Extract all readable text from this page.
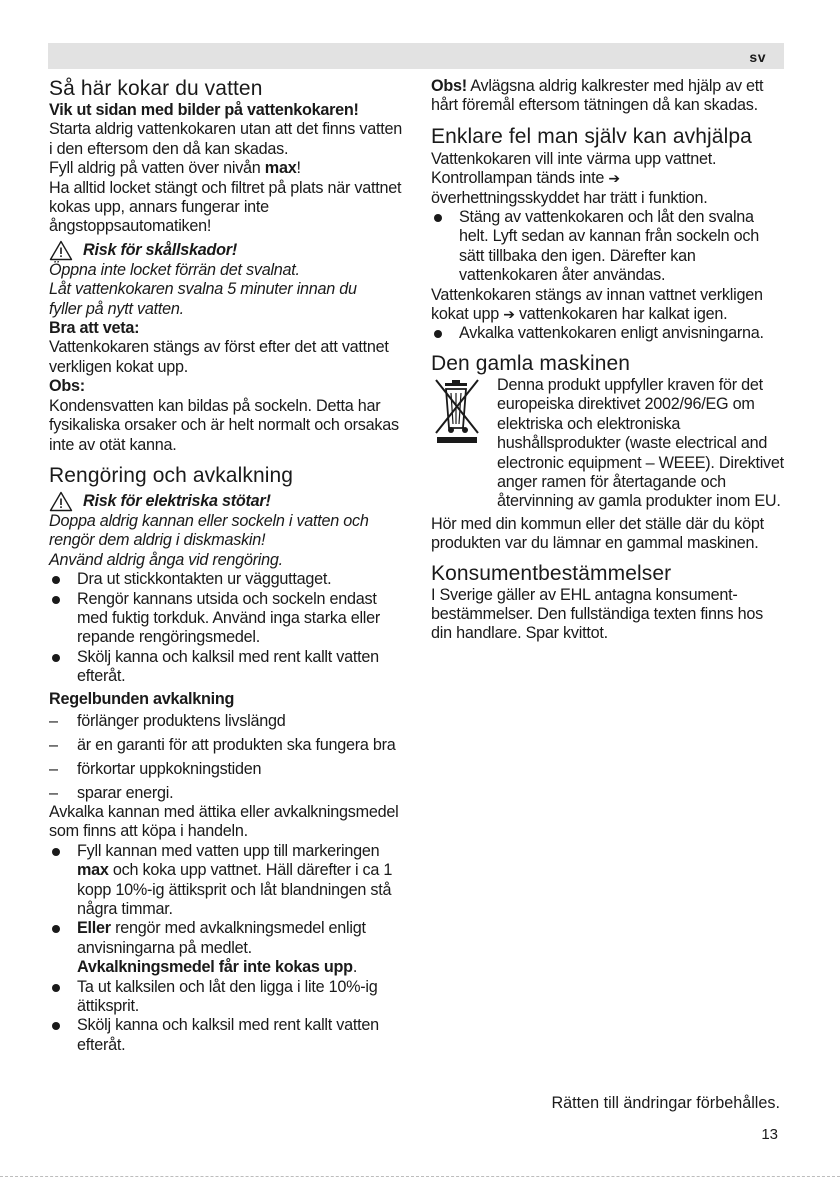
sv
Så här kokar du vatten

Vik ut sidan med bilder på vattenkokaren!

Starta aldrig vattenkokaren utan att det finns vatten i den eftersom den då kan skadas.

Fyll aldrig på vatten över nivån max!

Ha alltid locket stängt och filtret på plats när vattnet kokas upp, annars fungerar inte ångstoppsautomatiken!

Risk för skållskador!

Öppna inte locket förrän det svalnat.

Låt vattenkokaren svalna 5 minuter innan du fyller på nytt vatten.

Bra att veta:

Vattenkokaren stängs av först efter det att vattnet verkligen kokat upp.

Obs:

Kondensvatten kan bildas på sockeln. Detta har fysikaliska orsaker och är helt normalt och orsakas inte av otät kanna.

Rengöring och avkalkning
Risk för elektriska stötar!

Doppa aldrig kannan eller sockeln i vatten och rengör dem aldrig i diskmaskin!

Använd aldrig ånga vid rengöring.

Dra ut stickkontakten ur vägguttaget.
Rengör kannans utsida och sockeln endast med fuktig torkduk. Använd inga starka eller repande rengöringsmedel.
Skölj kanna och kalksil med rent kallt vatten efteråt.

Regelbunden avkalkning

– förlänger produktens livslängd
– är en garanti för att produkten ska fungera bra
– förkortar uppkokningstiden
– sparar energi.

Avkalka kannan med ättika eller avkalkningsmedel som finns att köpa i handeln.

Fyll kannan med vatten upp till markeringen max och koka upp vattnet. Häll därefter i ca 1 kopp 10%-ig ättiksprit och låt blandningen stå några timmar.
Eller rengör med avkalkningsmedel enligt anvisningarna på medlet.
Avkalkningsmedel får inte kokas upp.
Ta ut kalksilen och låt den ligga i lite 10%-ig ättiksprit.
Skölj kanna och kalksil med rent kallt vatten efteråt.

Obs! Avlägsna aldrig kalkrester med hjälp av ett hårt föremål eftersom tätningen då kan skadas.

Enklare fel man själv kan avhjälpa

Vattenkokaren vill inte värma upp vattnet.

Kontrollampan tänds inte ➔
överhettningsskyddet har trätt i funktion.

Stäng av vattenkokaren och låt den svalna helt. Lyft sedan av kannan från sockeln och sätt tillbaka den igen. Därefter kan vattenkokaren åter användas.

Vattenkokaren stängs av innan vattnet verkligen kokat upp ➔ vattenkokaren har kalkat igen.

Avkalka vattenkokaren enligt anvisningarna.
Den gamla maskinen

Denna produkt uppfyller kraven för det europeiska direktivet 2002/96/EG om elektriska och elektroniska hushållsprodukter (waste electrical and electronic equipment – WEEE). Direktivet anger ramen för återtagande och återvinning av gamla produkter inom EU.

Hör med din kommun eller det ställe där du köpt produkten var du lämnar en gammal maskinen.

Konsumentbestämmelser

I Sverige gäller av EHL antagna konsument-bestämmelser. Den fullständiga texten finns hos din handlare. Spar kvittot.

Rätten till ändringar förbehålles.
13
